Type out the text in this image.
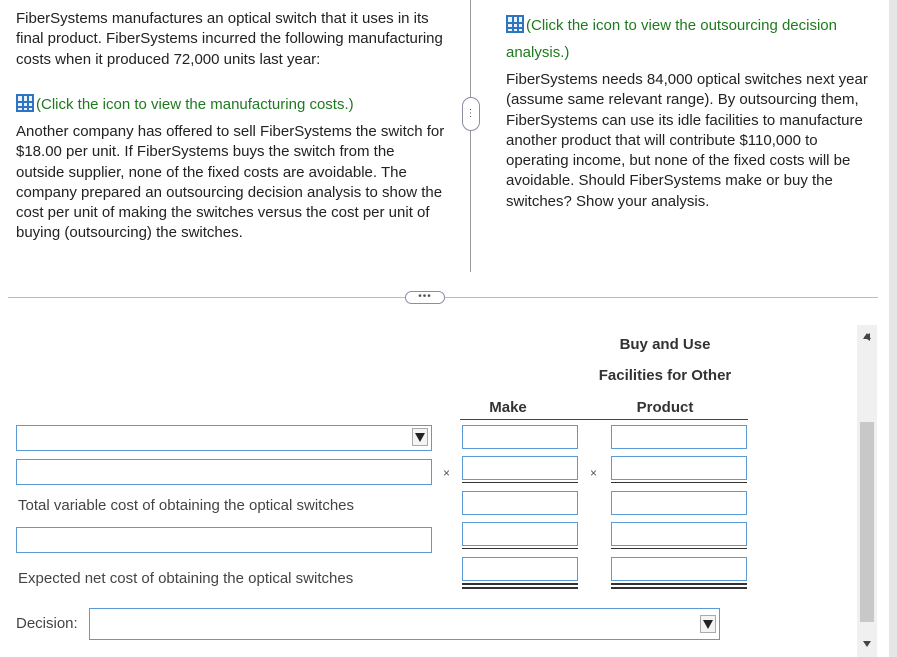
FiberSystems manufactures an optical switch that it uses in its final product. FiberSystems incurred the following manufacturing costs when it produced 72,000 units last year:
(Click the icon to view the manufacturing costs.)
Another company has offered to sell FiberSystems the switch for $18.00 per unit. If FiberSystems buys the switch from the outside supplier, none of the fixed costs are avoidable. The company prepared an outsourcing decision analysis to show the cost per unit of making the switches versus the cost per unit of buying (outsourcing) the switches.
⋮
(Click the icon to view the outsourcing decision analysis.)
FiberSystems needs 84,000 optical switches next year (assume same relevant range). By outsourcing them, FiberSystems can use its idle facilities to manufacture another product that will contribute $110,000 to operating income, but none of the fixed costs will be avoidable. Should FiberSystems make or buy the switches? Show your analysis.
•••
Make
Buy and Use
Facilities for Other
Product
×	×
Total variable cost of obtaining the optical switches
Expected net cost of obtaining the optical switches
Decision:
